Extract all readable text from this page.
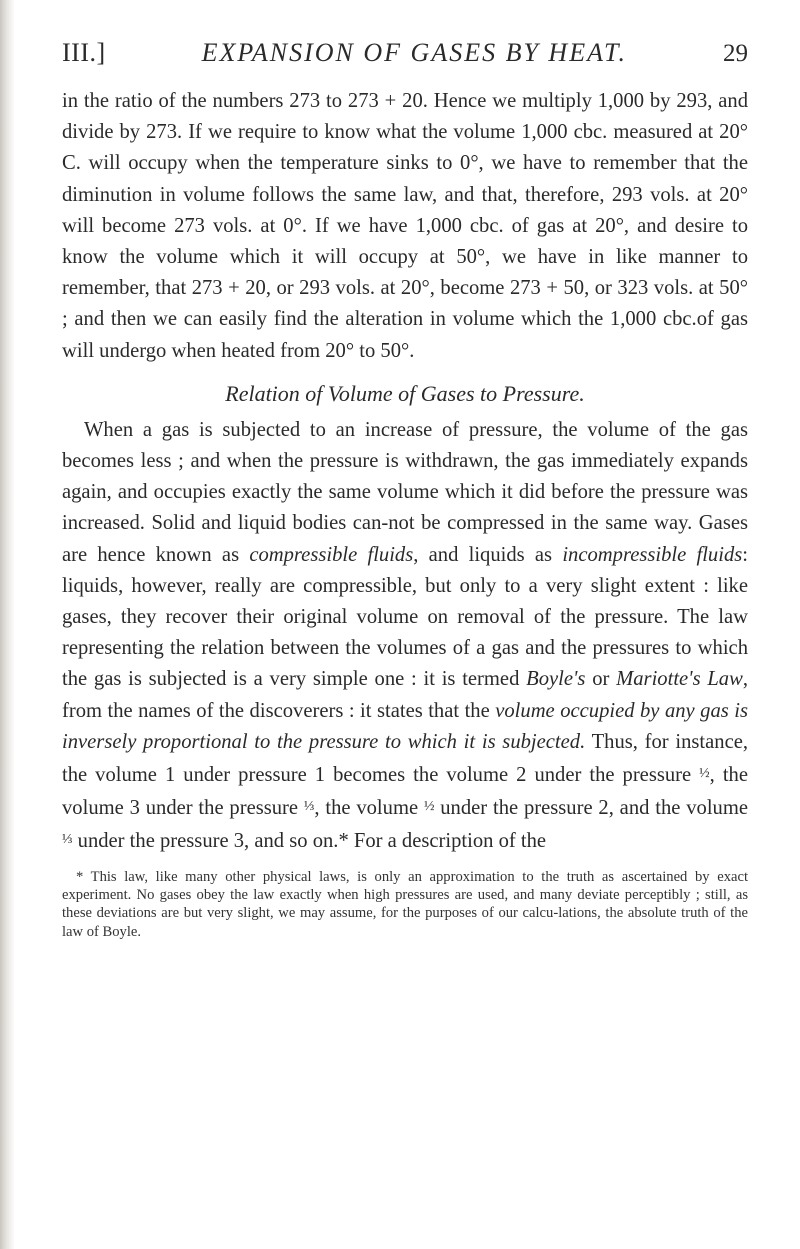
III.]	EXPANSION OF GASES BY HEAT.	29

in the ratio of the numbers 273 to 273 + 20. Hence we multiply 1,000 by 293, and divide by 273. If we require to know what the volume 1,000 cbc. measured at 20° C. will occupy when the temperature sinks to 0°, we have to remember that the diminution in volume follows the same law, and that, therefore, 293 vols. at 20° will become 273 vols. at 0°. If we have 1,000 cbc. of gas at 20°, and desire to know the volume which it will occupy at 50°, we have in like manner to remember, that 273 + 20, or 293 vols. at 20°, become 273 + 50, or 323 vols. at 50° ; and then we can easily find the alteration in volume which the 1,000 cbc.of gas will undergo when heated from 20° to 50°.

Relation of Volume of Gases to Pressure.

When a gas is subjected to an increase of pressure, the volume of the gas becomes less ; and when the pressure is withdrawn, the gas immediately expands again, and occupies exactly the same volume which it did before the pressure was increased. Solid and liquid bodies can-not be compressed in the same way. Gases are hence known as compressible fluids, and liquids as incompressible fluids: liquids, however, really are compressible, but only to a very slight extent : like gases, they recover their original volume on removal of the pressure. The law representing the relation between the volumes of a gas and the pressures to which the gas is subjected is a very simple one : it is termed Boyle's or Mariotte's Law, from the names of the discoverers : it states that the volume occupied by any gas is inversely proportional to the pressure to which it is subjected. Thus, for instance, the volume 1 under pressure 1 becomes the volume 2 under the pressure ½, the volume 3 under the pressure ⅓, the volume ½ under the pressure 2, and the volume ⅓ under the pressure 3, and so on.* For a description of the

* This law, like many other physical laws, is only an approximation to the truth as ascertained by exact experiment. No gases obey the law exactly when high pressures are used, and many deviate perceptibly ; still, as these deviations are but very slight, we may assume, for the purposes of our calcu-lations, the absolute truth of the law of Boyle.
